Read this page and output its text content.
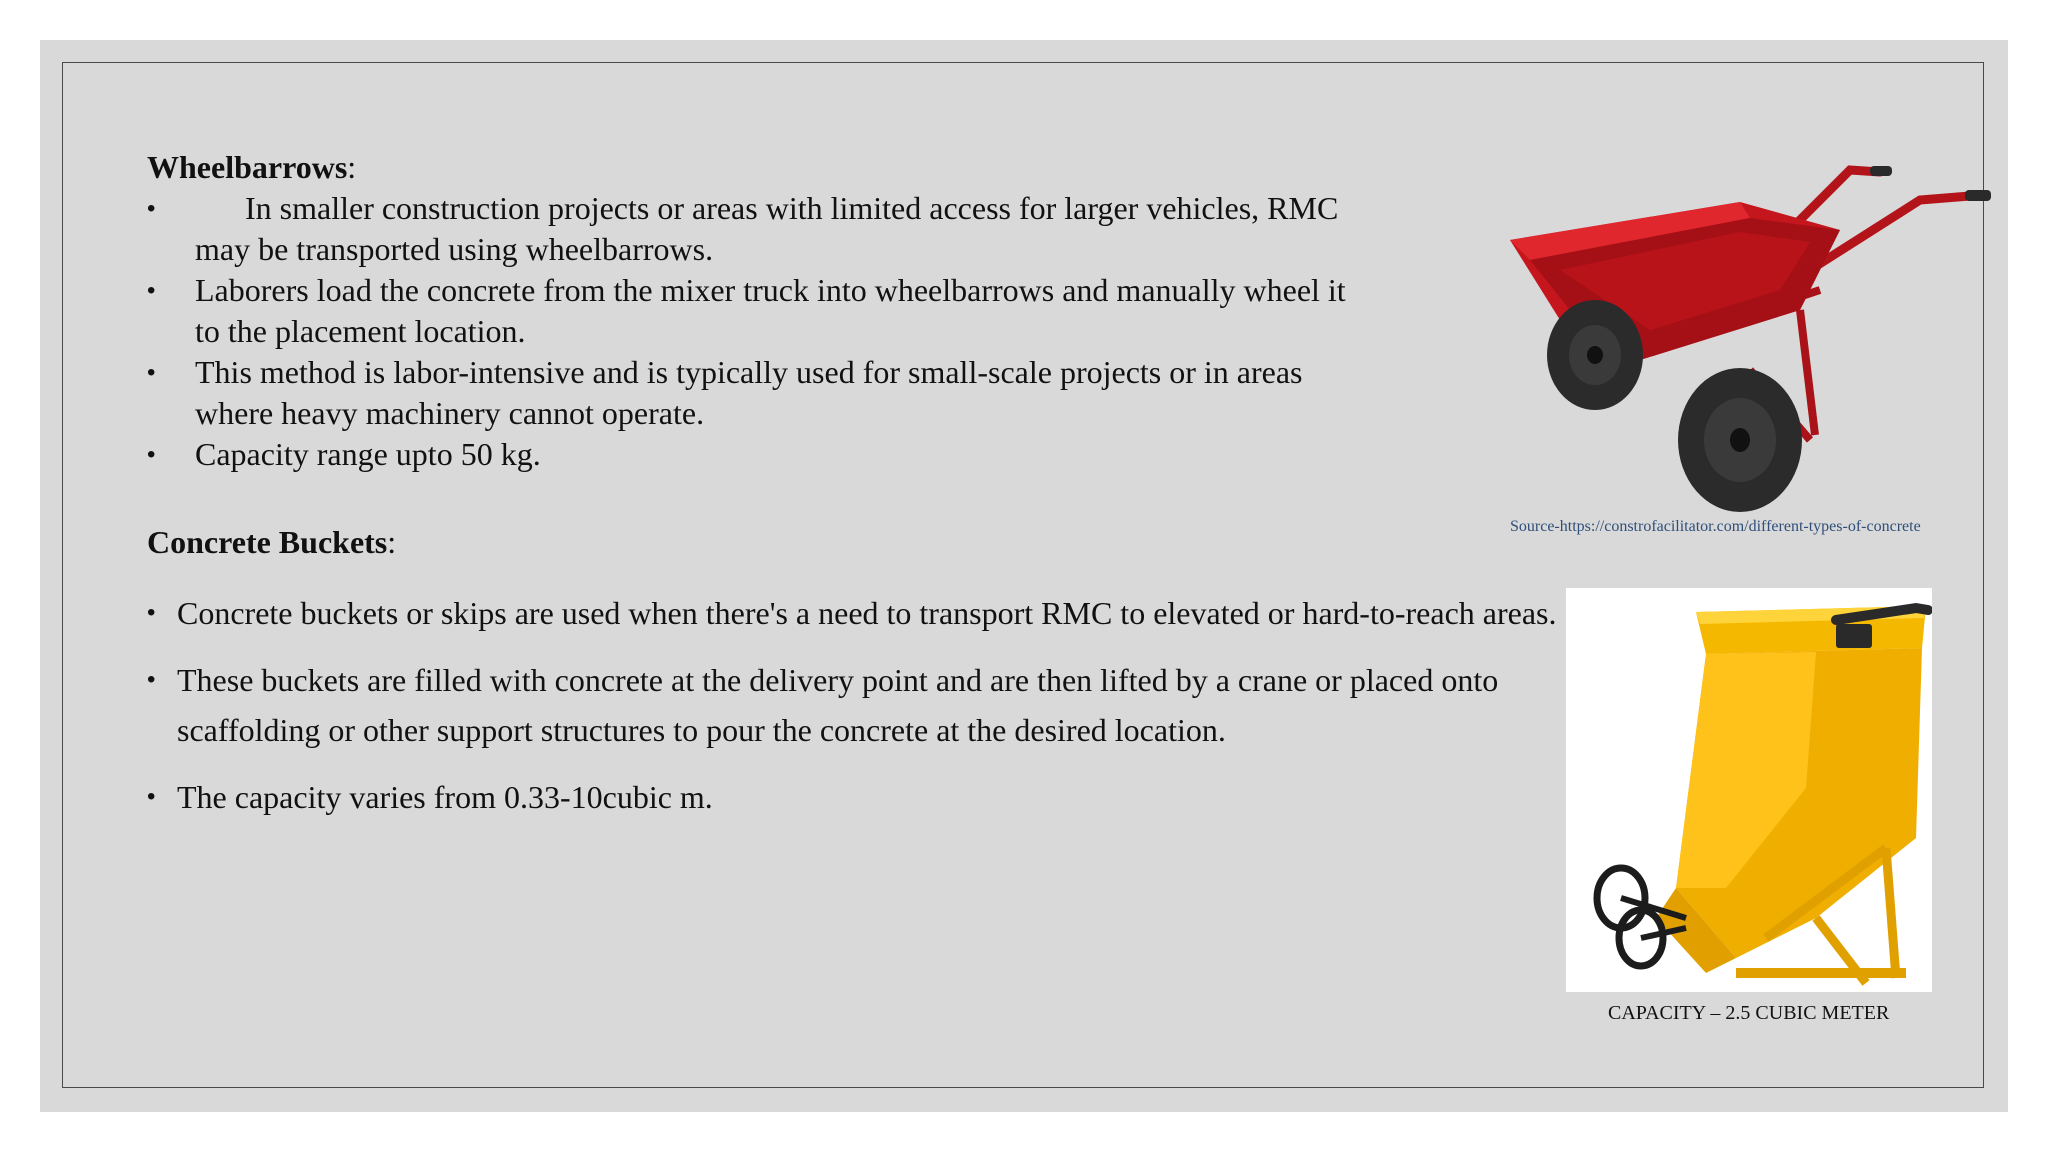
Wheelbarrows:
•	In smaller construction projects or areas with limited access for larger vehicles, RMC may be transported using wheelbarrows.
• Laborers load the concrete from the mixer truck into wheelbarrows and manually wheel it to the placement location.
• This method is labor-intensive and is typically used for small-scale projects or in areas where heavy machinery cannot operate.
• Capacity range upto 50 kg.
Concrete Buckets:
• Concrete buckets or skips are used when there's a need to transport RMC to elevated or hard-to-reach areas.
• These buckets are filled with concrete at the delivery point and are then lifted by a crane or placed onto scaffolding or other support structures to pour the concrete at the desired location.
• The capacity varies from 0.33-10cubic m.
Source-https://constrofacilitator.com/different-types-of-concrete
CAPACITY – 2.5 CUBIC METER
